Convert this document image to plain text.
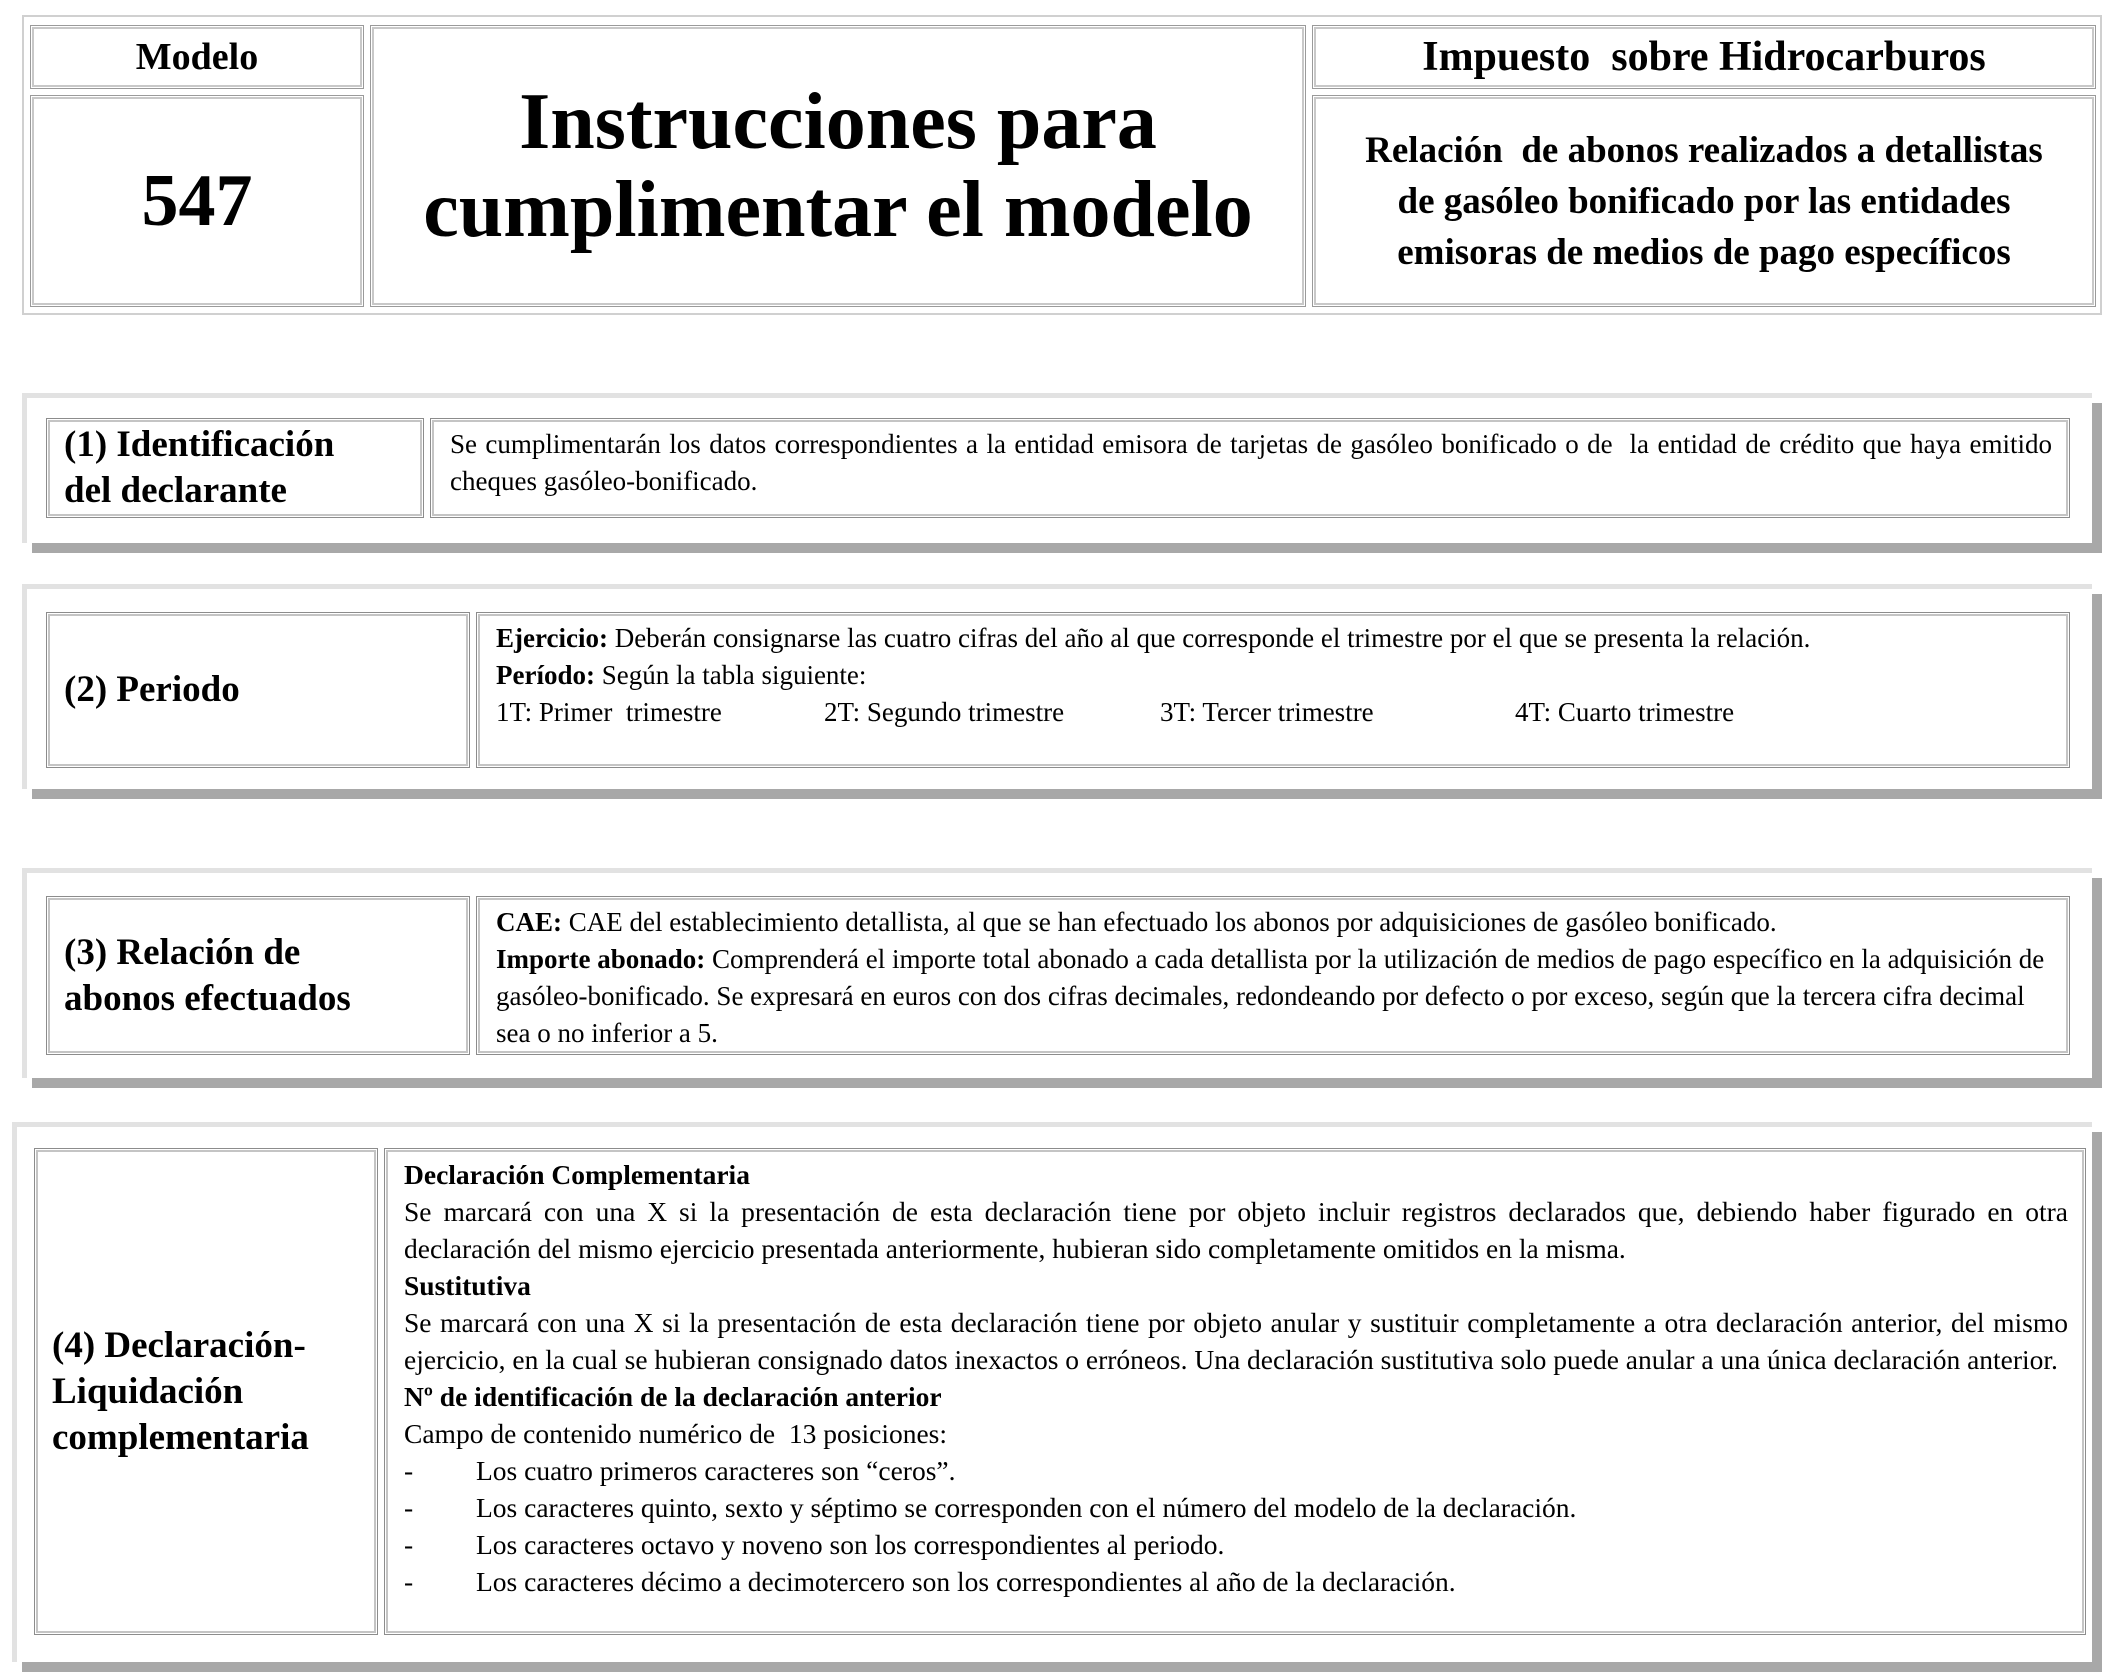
Modelo
547
Instrucciones para
cumplimentar el modelo
Impuesto  sobre Hidrocarburos
Relación  de abonos realizados a detallistas de gasóleo bonificado por las entidades emisoras de medios de pago específicos
(1) Identificación
del declarante
Se cumplimentarán los datos correspondientes a la entidad emisora de tarjetas de gasóleo bonificado o de  la entidad de crédito que haya emitido cheques gasóleo-bonificado.
(2) Periodo
Ejercicio: Deberán consignarse las cuatro cifras del año al que corresponde el trimestre por el que se presenta la relación.
Período: Según la tabla siguiente:
1T: Primer  trimestre	2T: Segundo trimestre	3T: Tercer trimestre	4T: Cuarto trimestre
(3) Relación de
abonos efectuados
CAE: CAE del establecimiento detallista, al que se han efectuado los abonos por adquisiciones de gasóleo bonificado.
Importe abonado: Comprenderá el importe total abonado a cada detallista por la utilización de medios de pago específico en la adquisición de gasóleo-bonificado. Se expresará en euros con dos cifras decimales, redondeando por defecto o por exceso, según que la tercera cifra decimal sea o no inferior a 5.
(4) Declaración-
Liquidación
complementaria
Declaración Complementaria
Se marcará con una X si la presentación de esta declaración tiene por objeto incluir registros declarados que, debiendo haber figurado en otra declaración del mismo ejercicio presentada anteriormente, hubieran sido completamente omitidos en la misma.
Sustitutiva
Se marcará con una X si la presentación de esta declaración tiene por objeto anular y sustituir completamente a otra declaración anterior, del mismo ejercicio, en la cual se hubieran consignado datos inexactos o erróneos. Una declaración sustitutiva solo puede anular a una única declaración anterior.
Nº de identificación de la declaración anterior
Campo de contenido numérico de  13 posiciones:
-	Los cuatro primeros caracteres son “ceros”.
-	Los caracteres quinto, sexto y séptimo se corresponden con el número del modelo de la declaración.
-	Los caracteres octavo y noveno son los correspondientes al periodo.
-	Los caracteres décimo a decimotercero son los correspondientes al año de la declaración.
